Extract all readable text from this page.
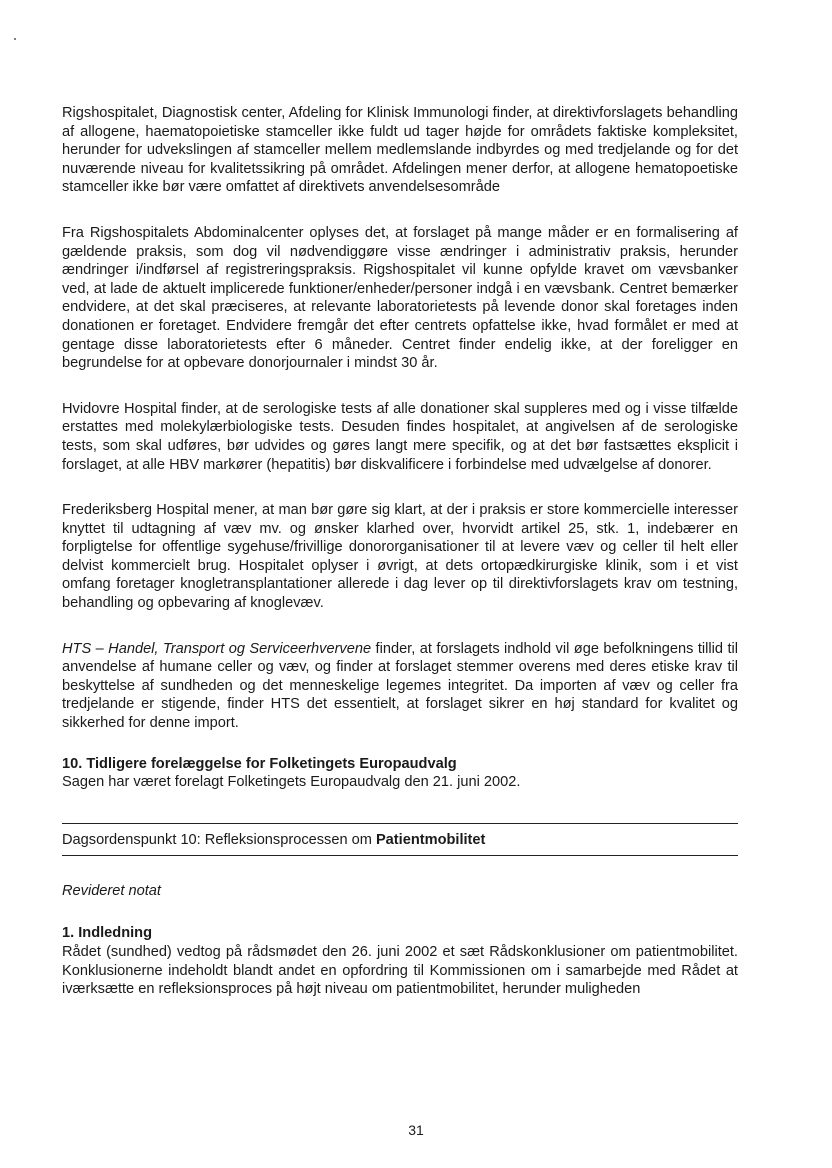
Rigshospitalet, Diagnostisk center, Afdeling for Klinisk Immunologi finder, at direktivforslagets behandling af allogene, haematopoietiske stamceller ikke fuldt ud tager højde for områdets faktiske kompleksitet, herunder for udvekslingen af stamceller mellem medlemslande indbyrdes og med tredjelande og for det nuværende niveau for kvalitetssikring på området. Afdelingen mener derfor, at allogene hematopoetiske stamceller ikke bør være omfattet af direktivets anvendelsesområde

Fra Rigshospitalets Abdominalcenter oplyses det, at forslaget på mange måder er en formalisering af gældende praksis, som dog vil nødvendiggøre visse ændringer i administrativ praksis, herunder ændringer i/indførsel af registreringspraksis. Rigshospitalet vil kunne opfylde kravet om vævsbanker ved, at lade de aktuelt implicerede funktioner/enheder/personer indgå i en vævsbank. Centret bemærker endvidere, at det skal præciseres, at relevante laboratorietests på levende donor skal foretages inden donationen er foretaget. Endvidere fremgår det efter centrets opfattelse ikke, hvad formålet er med at gentage disse laboratorietests efter 6 måneder. Centret finder endelig ikke, at der foreligger en begrundelse for at opbevare donorjournaler i mindst 30 år.

Hvidovre Hospital finder, at de serologiske tests af alle donationer skal suppleres med og i visse tilfælde erstattes med molekylærbiologiske tests. Desuden findes hospitalet, at angivelsen af de serologiske tests, som skal udføres, bør udvides og gøres langt mere specifik, og at det bør fastsættes eksplicit i forslaget, at alle HBV markører (hepatitis) bør diskvalificere i forbindelse med udvælgelse af donorer.

Frederiksberg Hospital mener, at man bør gøre sig klart, at der i praksis er store kommercielle interesser knyttet til udtagning af væv mv. og ønsker klarhed over, hvorvidt artikel 25, stk. 1, indebærer en forpligtelse for offentlige sygehuse/frivillige donororganisationer til at levere væv og celler til helt eller delvist kommercielt brug. Hospitalet oplyser i øvrigt, at dets ortopædkirurgiske klinik, som i et vist omfang foretager knogletransplantationer allerede i dag lever op til direktivforslagets krav om testning, behandling og opbevaring af knoglevæv.

HTS – Handel, Transport og Serviceerhvervene finder, at forslagets indhold vil øge befolkningens tillid til anvendelse af humane celler og væv, og finder at forslaget stemmer overens med deres etiske krav til beskyttelse af sundheden og det menneskelige legemes integritet. Da importen af væv og celler fra tredjelande er stigende, finder HTS det essentielt, at forslaget sikrer en høj standard for kvalitet og sikkerhed for denne import.

10. Tidligere forelæggelse for Folketingets Europaudvalg

Sagen har været forelagt Folketingets Europaudvalg den 21. juni 2002.

Dagsordenspunkt 10: Refleksionsprocessen om Patientmobilitet

Revideret notat

1. Indledning

Rådet (sundhed) vedtog på rådsmødet den 26. juni 2002 et sæt Rådskonklusioner om patientmobilitet. Konklusionerne indeholdt blandt andet en opfordring til Kommissionen om i samarbejde med Rådet at iværksætte en refleksionsproces på højt niveau om patientmobilitet, herunder muligheden

31
